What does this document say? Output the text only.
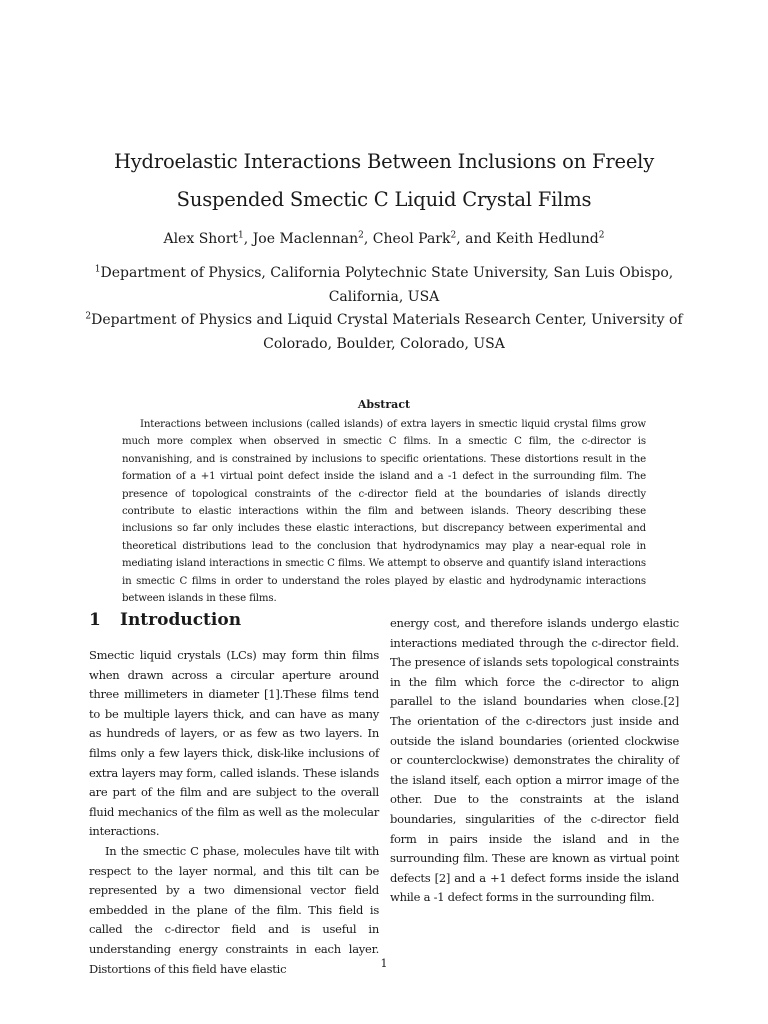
Hydroelastic Interactions Between Inclusions on Freely Suspended Smectic C Liquid Crystal Films
Alex Short$^1$, Joe Maclennan$^2$, Cheol Park$^2$, and Keith Hedlund$^2$
$^1$Department of Physics, California Polytechnic State University, San Luis Obispo, California, USA
$^2$Department of Physics and Liquid Crystal Materials Research Center, University of Colorado, Boulder, Colorado, USA
Abstract

Interactions between inclusions (called islands) of extra layers in smectic liquid crystal films grow much more complex when observed in smectic C films. In a smectic C film, the c-director is nonvanishing, and is constrained by inclusions to specific orientations. These distortions result in the formation of a +1 virtual point defect inside the island and a -1 defect in the surrounding film. The presence of topological constraints of the c-director field at the boundaries of islands directly contribute to elastic interactions within the film and between islands. Theory describing these inclusions so far only includes these elastic interactions, but discrepancy between experimental and theoretical distributions lead to the conclusion that hydrodynamics may play a near-equal role in mediating island interactions in smectic C films. We attempt to observe and quantify island interactions in smectic C films in order to understand the roles played by elastic and hydrodynamic interactions between islands in these films.

1 Introduction

Smectic liquid crystals (LCs) may form thin films when drawn across a circular aperture around three millimeters in diameter [1].These films tend to be multiple layers thick, and can have as many as hundreds of layers, or as few as two layers. In films only a few layers thick, disk-like inclusions of extra layers may form, called islands. These islands are part of the film and are subject to the overall fluid mechanics of the film as well as the molecular interactions.

In the smectic C phase, molecules have tilt with respect to the layer normal, and this tilt can be represented by a two dimensional vector field embedded in the plane of the film. This field is called the c-director field and is useful in understanding energy constraints in each layer. Distortions of this field have elastic

energy cost, and therefore islands undergo elastic interactions mediated through the c-director field. The presence of islands sets topological constraints in the film which force the c-director to align parallel to the island boundaries when close.[2] The orientation of the c-directors just inside and outside the island boundaries (oriented clockwise or counterclockwise) demonstrates the chirality of the island itself, each option a mirror image of the other. Due to the constraints at the island boundaries, singularities of the c-director field form in pairs inside the island and in the surrounding film. These are known as virtual point defects [2] and a +1 defect forms inside the island while a -1 defect forms in the surrounding film.

1
